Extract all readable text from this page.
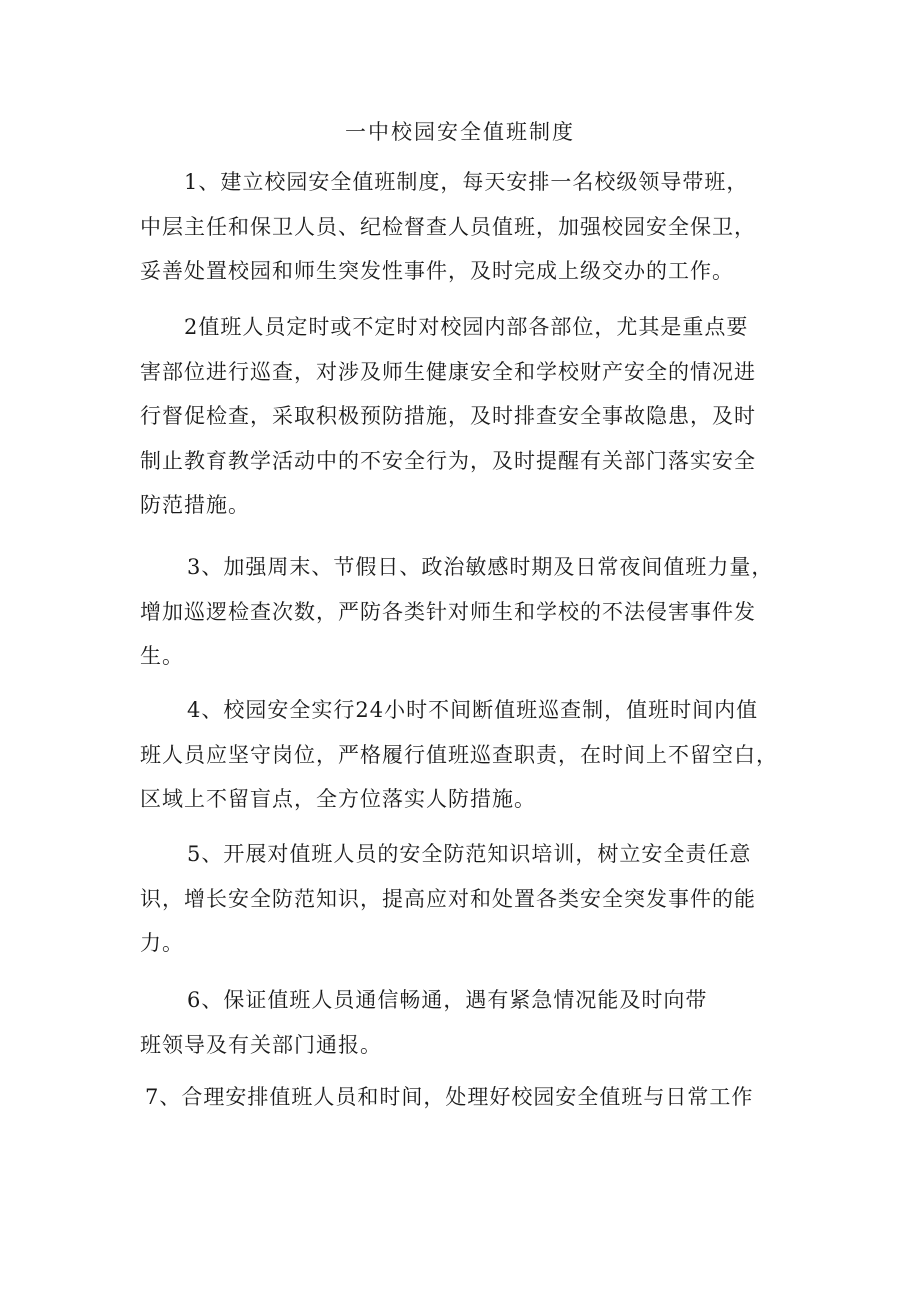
一中校园安全值班制度
1、建立校园安全值班制度，每天安排一名校级领导带班，
中层主任和保卫人员、纪检督查人员值班，加强校园安全保卫，
妥善处置校园和师生突发性事件，及时完成上级交办的工作。
2值班人员定时或不定时对校园内部各部位，尤其是重点要
害部位进行巡查，对涉及师生健康安全和学校财产安全的情况进
行督促检查，采取积极预防措施，及时排查安全事故隐患，及时
制止教育教学活动中的不安全行为，及时提醒有关部门落实安全
防范措施。
3、加强周末、节假日、政治敏感时期及日常夜间值班力量，
增加巡逻检查次数，严防各类针对师生和学校的不法侵害事件发
生。
4、校园安全实行24小时不间断值班巡查制，值班时间内值
班人员应坚守岗位，严格履行值班巡查职责，在时间上不留空白，
区域上不留盲点，全方位落实人防措施。
5、开展对值班人员的安全防范知识培训，树立安全责任意
识，增长安全防范知识，提高应对和处置各类安全突发事件的能
力。
6、保证值班人员通信畅通，遇有紧急情况能及时向带
班领导及有关部门通报。
7、合理安排值班人员和时间，处理好校园安全值班与日常工作
